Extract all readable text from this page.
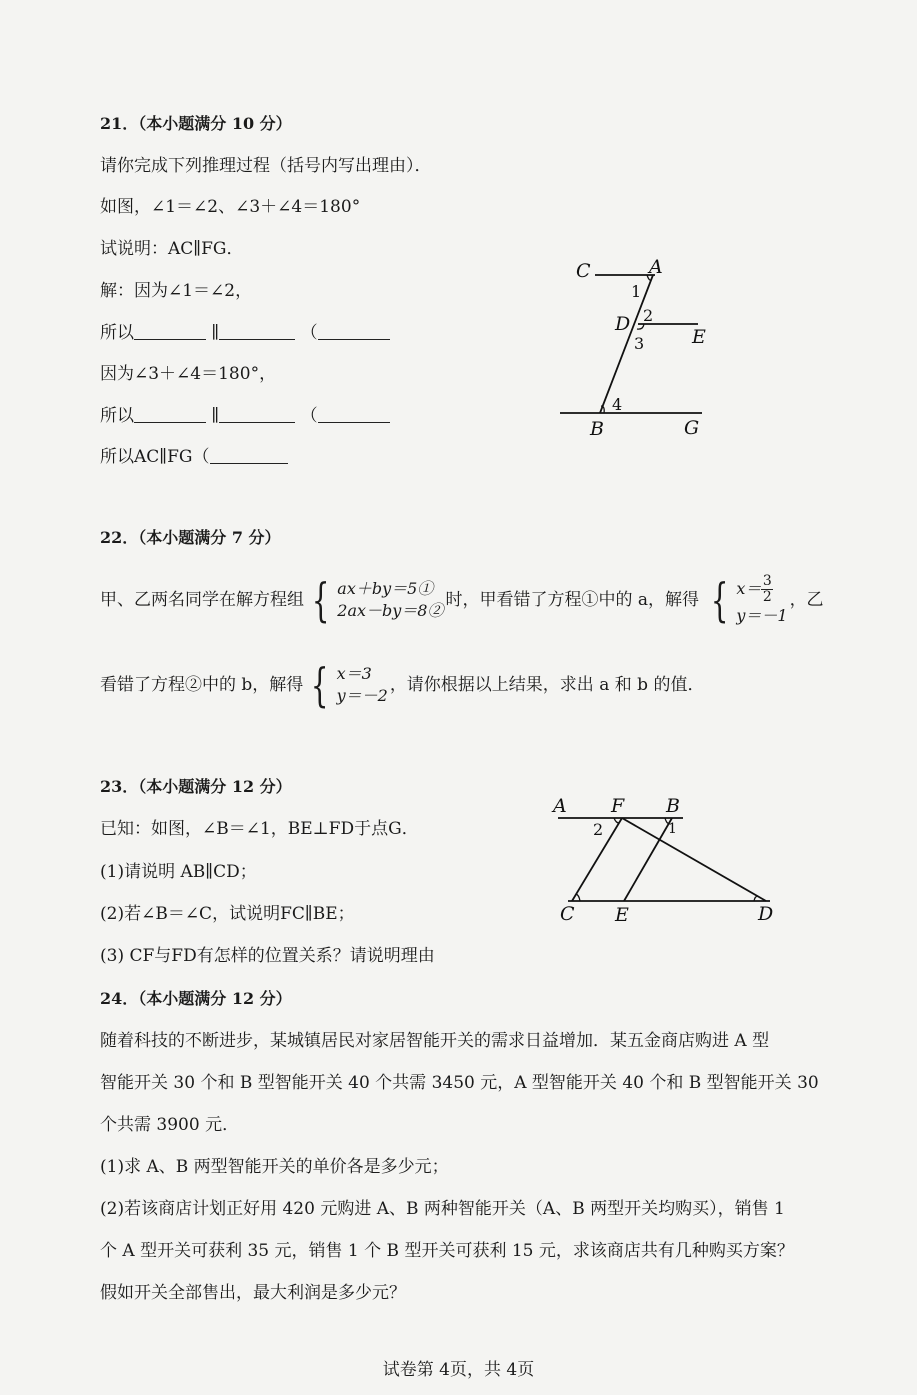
21．（本小题满分 10 分）
请你完成下列推理过程（括号内写出理由）．
如图，∠1＝∠2、∠3＋∠4＝180°
试说明：AC∥FG．
解：因为∠1＝∠2，
所以	∥	（
因为∠3＋∠4＝180°，
所以	∥	（
所以AC∥FG（
C	A
1
D 2
3	E
4
B	G
22．（本小题满分 7 分）
甲、乙两名同学在解方程组 { ax＋by＝5①
2ax－by＝8②
时，甲看错了方程①中的 a，解得 { $x= \frac{3}{2}$
y＝－1
，乙
看错了方程②中的 b，解得 { x＝3
y＝－2
，请你根据以上结果，求出 a 和 b 的值．
23．（本小题满分 12 分）
已知：如图，∠B＝∠1，BE⊥FD于点G．
(1)请说明 AB∥CD；
(2)若∠B＝∠C，试说明FC∥BE；
(3) CF与FD有怎样的位置关系？请说明理由
A F B
2	1
C E	D
24．（本小题满分 12 分）
随着科技的不断进步，某城镇居民对家居智能开关的需求日益增加．某五金商店购进 A 型
智能开关 30 个和 B 型智能开关 40 个共需 3450 元，A 型智能开关 40 个和 B 型智能开关 30
个共需 3900 元．
(1)求 A、B 两型智能开关的单价各是多少元；
(2)若该商店计划正好用 420 元购进 A、B 两种智能开关（A、B 两型开关均购买），销售 1
个 A 型开关可获利 35 元，销售 1 个 B 型开关可获利 15 元，求该商店共有几种购买方案？
假如开关全部售出，最大利润是多少元？
试卷第 4页，共 4页
